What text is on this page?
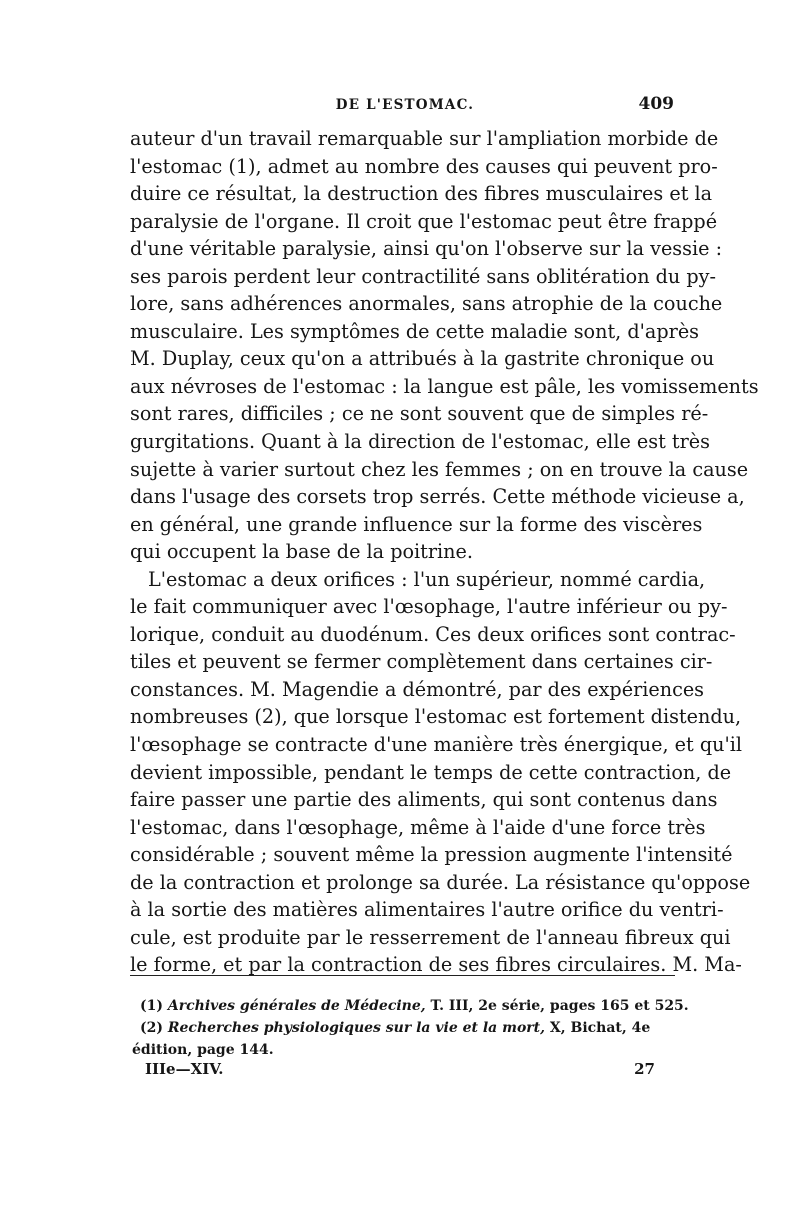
DE L'ESTOMAC.	409
auteur d'un travail remarquable sur l'ampliation morbide de
l'estomac (1), admet au nombre des causes qui peuvent pro-
duire ce résultat, la destruction des fibres musculaires et la
paralysie de l'organe. Il croit que l'estomac peut être frappé
d'une véritable paralysie, ainsi qu'on l'observe sur la vessie :
ses parois perdent leur contractilité sans oblitération du py-
lore, sans adhérences anormales, sans atrophie de la couche
musculaire. Les symptômes de cette maladie sont, d'après
M. Duplay, ceux qu'on a attribués à la gastrite chronique ou
aux névroses de l'estomac : la langue est pâle, les vomissements
sont rares, difficiles ; ce ne sont souvent que de simples ré-
gurgitations. Quant à la direction de l'estomac, elle est très
sujette à varier surtout chez les femmes ; on en trouve la cause
dans l'usage des corsets trop serrés. Cette méthode vicieuse a,
en général, une grande influence sur la forme des viscères
qui occupent la base de la poitrine.
L'estomac a deux orifices : l'un supérieur, nommé cardia,
le fait communiquer avec l'œsophage, l'autre inférieur ou py-
lorique, conduit au duodénum. Ces deux orifices sont contrac-
tiles et peuvent se fermer complètement dans certaines cir-
constances. M. Magendie a démontré, par des expériences
nombreuses (2), que lorsque l'estomac est fortement distendu,
l'œsophage se contracte d'une manière très énergique, et qu'il
devient impossible, pendant le temps de cette contraction, de
faire passer une partie des aliments, qui sont contenus dans
l'estomac, dans l'œsophage, même à l'aide d'une force très
considérable ; souvent même la pression augmente l'intensité
de la contraction et prolonge sa durée. La résistance qu'oppose
à la sortie des matières alimentaires l'autre orifice du ventri-
cule, est produite par le resserrement de l'anneau fibreux qui
le forme, et par la contraction de ses fibres circulaires. M. Ma-
(1) Archives générales de Médecine, T. III, 2e série, pages 165 et 525.
(2) Recherches physiologiques sur la vie et la mort, X, Bichat, 4e
édition, page 144.
IIIe—XIV.	27
